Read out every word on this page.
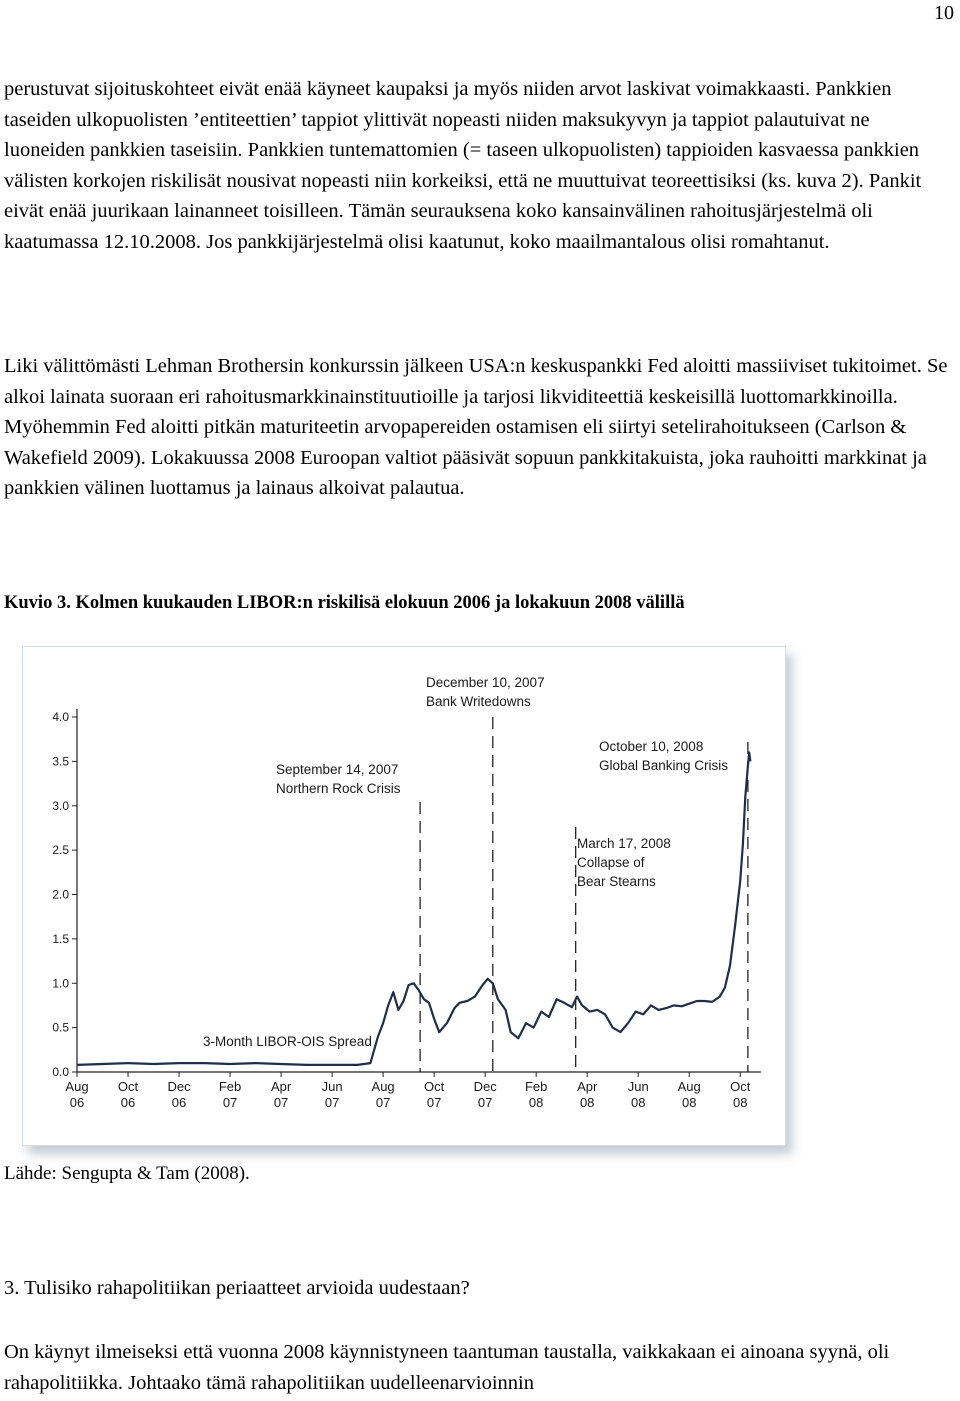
10

perustuvat sijoituskohteet eivät enää käyneet kaupaksi ja myös niiden arvot laskivat voimakkaasti. Pankkien taseiden ulkopuolisten ’entiteettien’ tappiot ylittivät nopeasti niiden maksukyvyn ja tappiot palautuivat ne luoneiden pankkien taseisiin. Pankkien tuntemattomien (= taseen ulkopuolisten) tappioiden kasvaessa pankkien välisten korkojen riskilisät nousivat nopeasti niin korkeiksi, että ne muuttuivat teoreettisiksi (ks. kuva 2). Pankit eivät enää juurikaan lainanneet toisilleen. Tämän seurauksena koko kansainvälinen rahoitusjärjestelmä oli kaatumassa 12.10.2008. Jos pankkijärjestelmä olisi kaatunut, koko maailmantalous olisi romahtanut.

Liki välittömästi Lehman Brothersin konkurssin jälkeen USA:n keskuspankki Fed aloitti massiiviset tukitoimet. Se alkoi lainata suoraan eri rahoitusmarkkinainstituutioille ja tarjosi likviditeettiä keskeisillä luottomarkkinoilla. Myöhemmin Fed aloitti pitkän maturiteetin arvopapereiden ostamisen eli siirtyi setelirahoitukseen (Carlson & Wakefield 2009). Lokakuussa 2008 Euroopan valtiot pääsivät sopuun pankkitakuista, joka rauhoitti markkinat ja pankkien välinen luottamus ja lainaus alkoivat palautua.

Kuvio 3. Kolmen kuukauden LIBOR:n riskilisä elokuun 2006 ja lokakuun 2008 välillä

0.0
0.5
1.0
1.5
2.0
2.5
3.0
3.5
4.0
Aug
06
Oct
06
Dec
06
Feb
07
Apr
07
Jun
07
Aug
07
Oct
07
Dec
07
Feb
08
Apr
08
Jun
08
Aug
08
Oct
08
September 14, 2007
Northern Rock Crisis
December 10, 2007
Bank Writedowns
March 17, 2008
Collapse of
Bear Stearns
October 10, 2008
Global Banking Crisis
3-Month LIBOR-OIS Spread

Lähde: Sengupta & Tam (2008).

3. Tulisiko rahapolitiikan periaatteet arvioida uudestaan?

On käynyt ilmeiseksi että vuonna 2008 käynnistyneen taantuman taustalla, vaikkakaan ei ainoana syynä, oli rahapolitiikka. Johtaako tämä rahapolitiikan uudelleenarvioinnin
